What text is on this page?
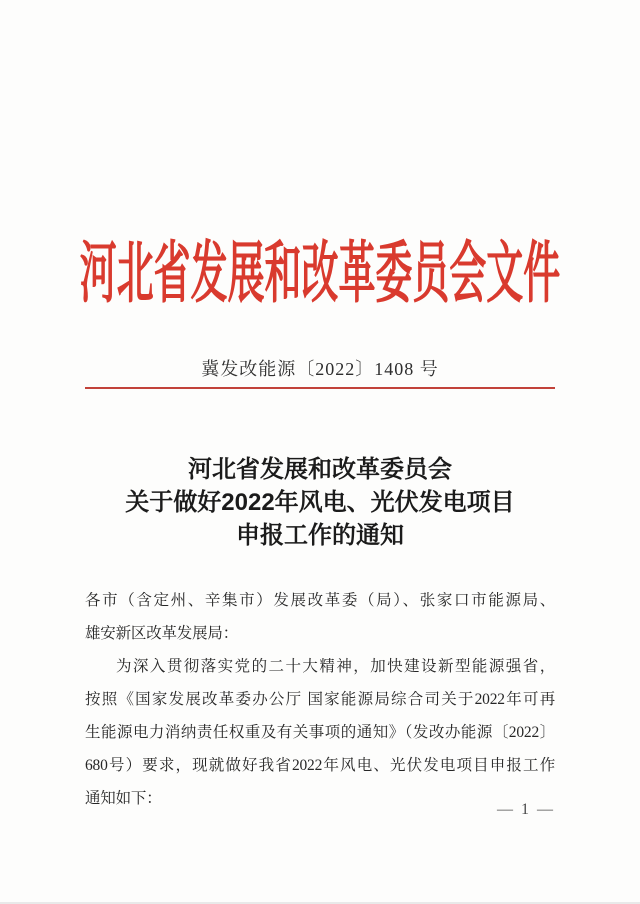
河北省发展和改革委员会文件
冀发改能源〔2022〕1408 号
河北省发展和改革委员会
关于做好2022年风电、光伏发电项目
申报工作的通知
各市（含定州、辛集市）发展改革委（局）、张家口市能源局、
雄安新区改革发展局：
为深入贯彻落实党的二十大精神，加快建设新型能源强省，
按照《国家发展改革委办公厅 国家能源局综合司关于2022年可再
生能源电力消纳责任权重及有关事项的通知》（发改办能源〔2022〕
680号）要求，现就做好我省2022年风电、光伏发电项目申报工作
通知如下：
— 1 —
